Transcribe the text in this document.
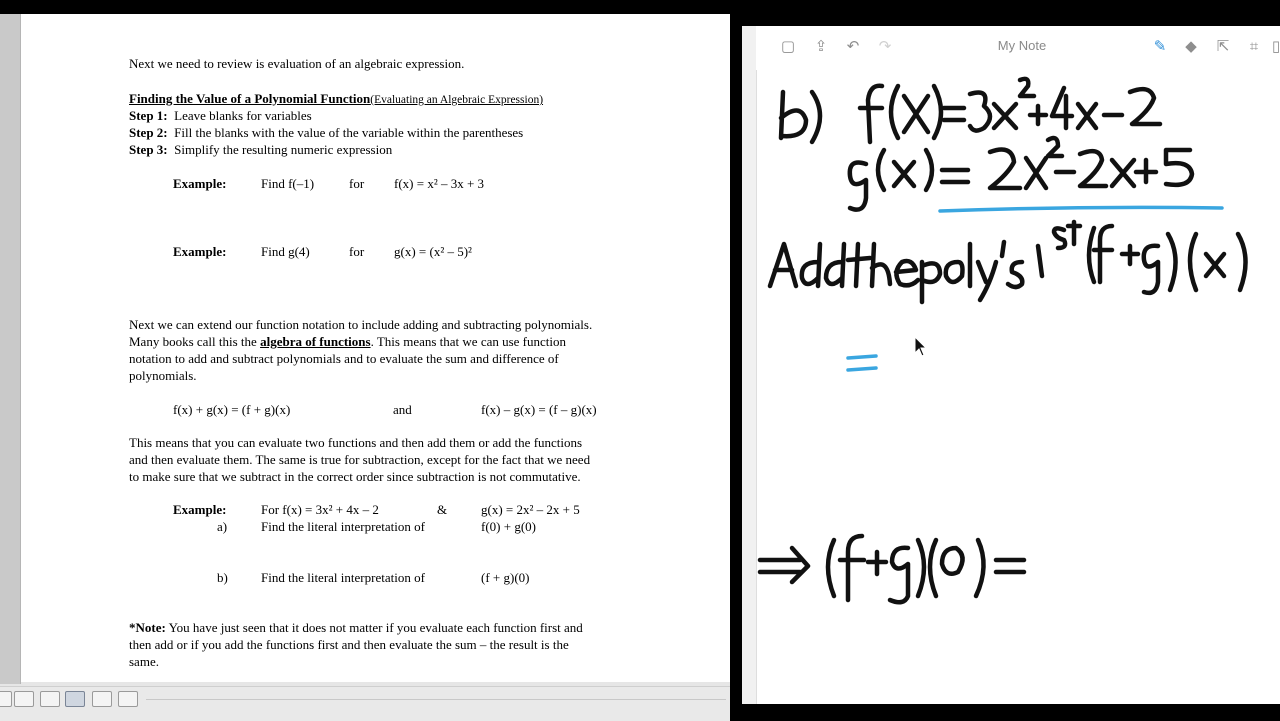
Next we need to review is evaluation of an algebraic expression.
Finding the Value of a Polynomial Function(Evaluating an Algebraic Expression)
Step 1: Leave blanks for variables
Step 2: Fill the blanks with the value of the variable within the parentheses
Step 3: Simplify the resulting numeric expression
Example:	Find f(–1)	for f(x) = x² – 3x + 3
Example:	Find g(4)	for g(x) = (x² – 5)²
Next we can extend our function notation to include adding and subtracting polynomials.
Many books call this the algebra of functions. This means that we can use function
notation to add and subtract polynomials and to evaluate the sum and difference of
polynomials.
f(x) + g(x) = (f + g)(x)	and	f(x) – g(x) = (f – g)(x)
This means that you can evaluate two functions and then add them or add the functions
and then evaluate them. The same is true for subtraction, except for the fact that we need
to make sure that we subtract in the correct order since subtraction is not commutative.
Example:	For f(x) = 3x² + 4x – 2	&	g(x) = 2x² – 2x + 5
a)	Find the literal interpretation of	f(0) + g(0)
b)	Find the literal interpretation of	(f + g)(0)
*Note: You have just seen that it does not matter if you evaluate each function first and
then add or if you add the functions first and then evaluate the sum – the result is the
same.
▢ ⇪ ↶ ↷	My Note	✎ ◆ ⇱	⌗ ▯
